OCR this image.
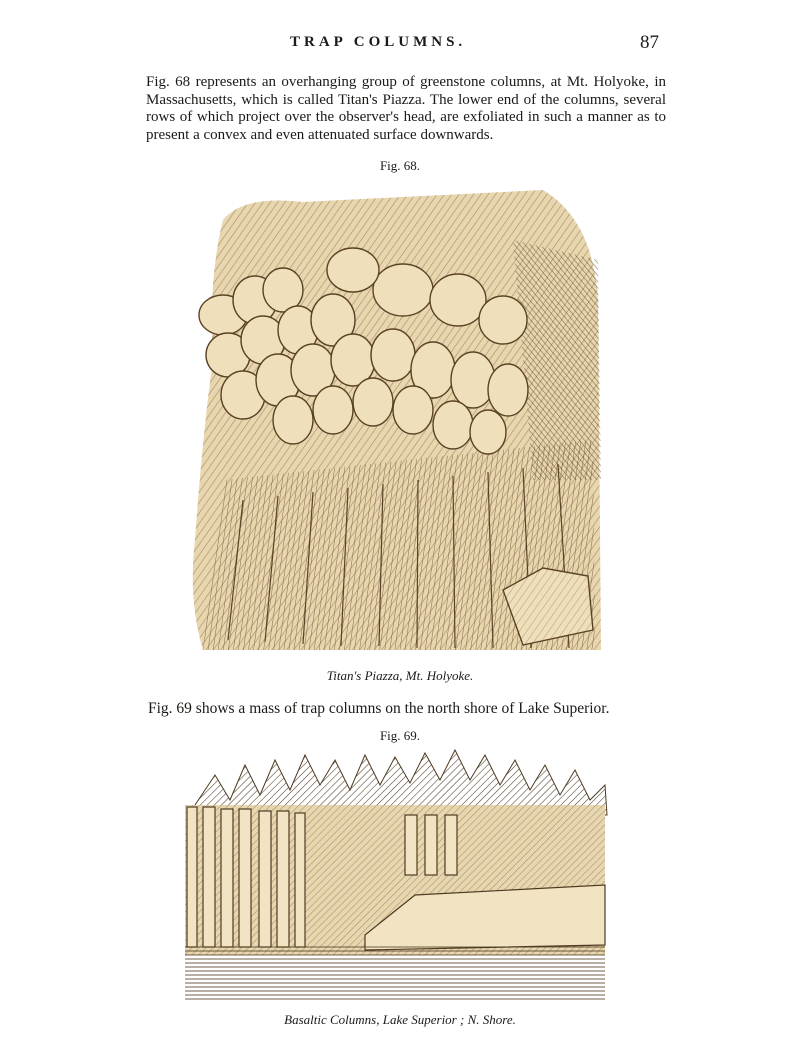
TRAP COLUMNS.	87
Fig. 68 represents an overhanging group of greenstone columns, at Mt. Holyoke, in Massachusetts, which is called Titan's Piazza. The lower end of the columns, several rows of which project over the observer's head, are exfoliated in such a manner as to present a convex and even attenuated surface downwards.
Fig. 68.
Titan's Piazza, Mt. Holyoke.
Fig. 69 shows a mass of trap columns on the north shore of Lake Superior.
Fig. 69.
Basaltic Columns, Lake Superior ; N. Shore.
